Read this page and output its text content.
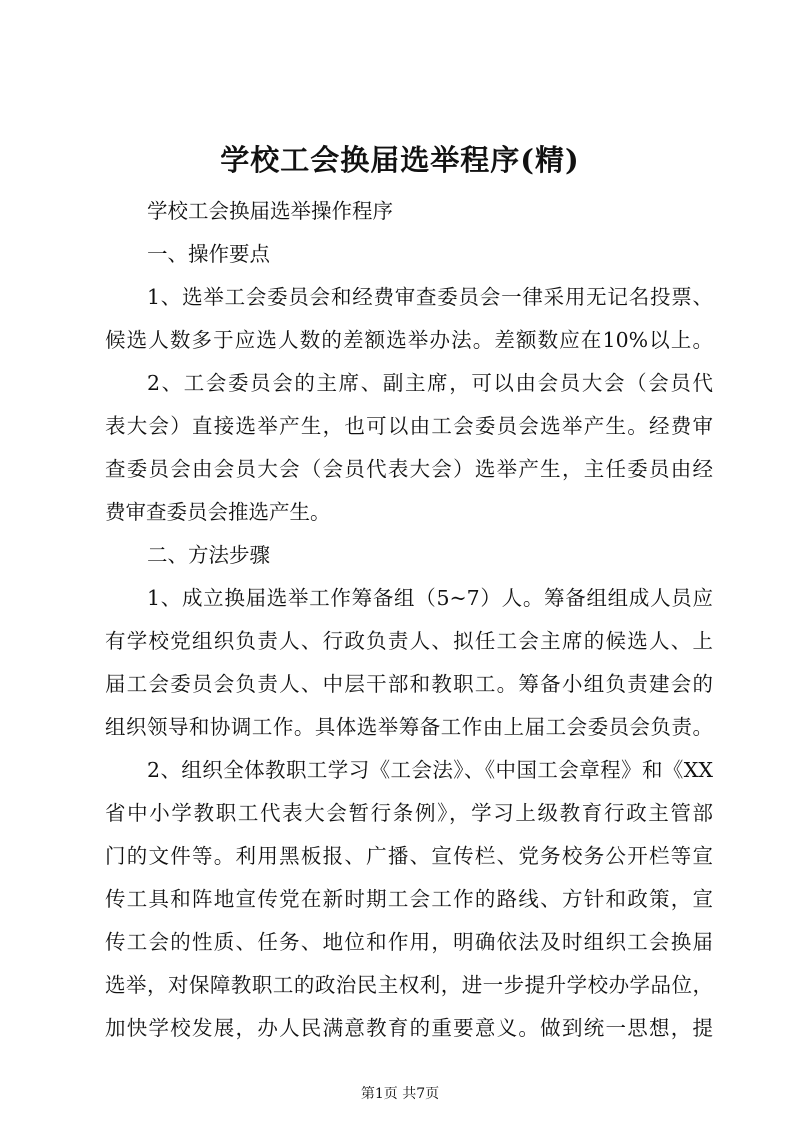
学校工会换届选举程序(精)
学校工会换届选举操作程序
一、操作要点
1、选举工会委员会和经费审查委员会一律采用无记名投票、
候选人数多于应选人数的差额选举办法。差额数应在10%以上。
2、工会委员会的主席、副主席，可以由会员大会（会员代
表大会）直接选举产生，也可以由工会委员会选举产生。经费审
查委员会由会员大会（会员代表大会）选举产生，主任委员由经
费审查委员会推选产生。
二、方法步骤
1、成立换届选举工作筹备组（5~7）人。筹备组组成人员应
有学校党组织负责人、行政负责人、拟任工会主席的候选人、上
届工会委员会负责人、中层干部和教职工。筹备小组负责建会的
组织领导和协调工作。具体选举筹备工作由上届工会委员会负责。
2、组织全体教职工学习《工会法》、《中国工会章程》和《XX
省中小学教职工代表大会暂行条例》，学习上级教育行政主管部
门的文件等。利用黑板报、广播、宣传栏、党务校务公开栏等宣
传工具和阵地宣传党在新时期工会工作的路线、方针和政策，宣
传工会的性质、任务、地位和作用，明确依法及时组织工会换届
选举，对保障教职工的政治民主权利，进一步提升学校办学品位，
加快学校发展，办人民满意教育的重要意义。做到统一思想，提
第1页 共7页
